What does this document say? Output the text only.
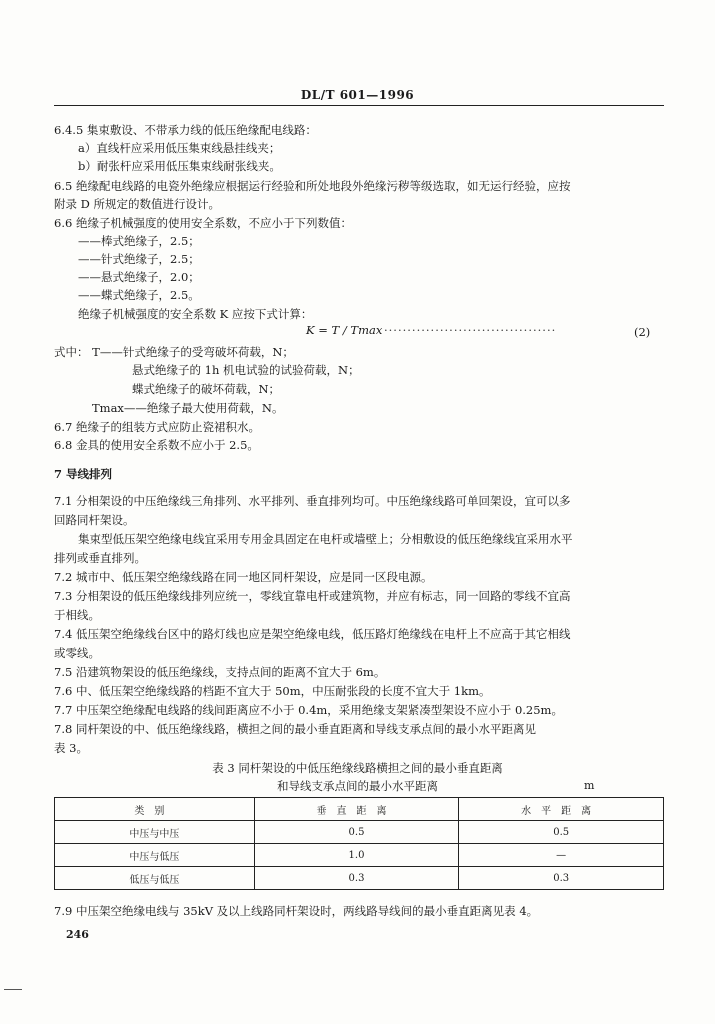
DL/T 601—1996
6.4.5 集束敷设、不带承力线的低压绝缘配电线路：
a）直线杆应采用低压集束线悬挂线夹；
b）耐张杆应采用低压集束线耐张线夹。
6.5 绝缘配电线路的电瓷外绝缘应根据运行经验和所处地段外绝缘污秽等级选取，如无运行经验，应按
附录 D 所规定的数值进行设计。
6.6 绝缘子机械强度的使用安全系数，不应小于下列数值：
——棒式绝缘子，2.5；
——针式绝缘子，2.5；
——悬式绝缘子，2.0；
——蝶式绝缘子，2.5。
绝缘子机械强度的安全系数 K 应按下式计算：
K = T / Tmax ·····································	(2)
式中： T——针式绝缘子的受弯破坏荷载，N；
悬式绝缘子的 1h 机电试验的试验荷载，N；
蝶式绝缘子的破坏荷载，N；
Tmax——绝缘子最大使用荷载，N。
6.7 绝缘子的组装方式应防止瓷裙积水。
6.8 金具的使用安全系数不应小于 2.5。
7 导线排列
7.1 分相架设的中压绝缘线三角排列、水平排列、垂直排列均可。中压绝缘线路可单回架设，宜可以多
回路同杆架设。
集束型低压架空绝缘电线宜采用专用金具固定在电杆或墙壁上；分相敷设的低压绝缘线宜采用水平
排列或垂直排列。
7.2 城市中、低压架空绝缘线路在同一地区同杆架设，应是同一区段电源。
7.3 分相架设的低压绝缘线排列应统一，零线宜靠电杆或建筑物，并应有标志，同一回路的零线不宜高
于相线。
7.4 低压架空绝缘线台区中的路灯线也应是架空绝缘电线，低压路灯绝缘线在电杆上不应高于其它相线
或零线。
7.5 沿建筑物架设的低压绝缘线，支持点间的距离不宜大于 6m。
7.6 中、低压架空绝缘线路的档距不宜大于 50m，中压耐张段的长度不宜大于 1km。
7.7 中压架空绝缘配电线路的线间距离应不小于 0.4m，采用绝缘支架紧凑型架设不应小于 0.25m。
7.8 同杆架设的中、低压绝缘线路，横担之间的最小垂直距离和导线支承点间的最小水平距离见
表 3。
表 3 同杆架设的中低压绝缘线路横担之间的最小垂直距离
和导线支承点间的最小水平距离	m
类别	垂直距离	水平距离
中压与中压	0.5	0.5
中压与低压	1.0	—
低压与低压	0.3	0.3
7.9 中压架空绝缘电线与 35kV 及以上线路同杆架设时，两线路导线间的最小垂直距离见表 4。
246
